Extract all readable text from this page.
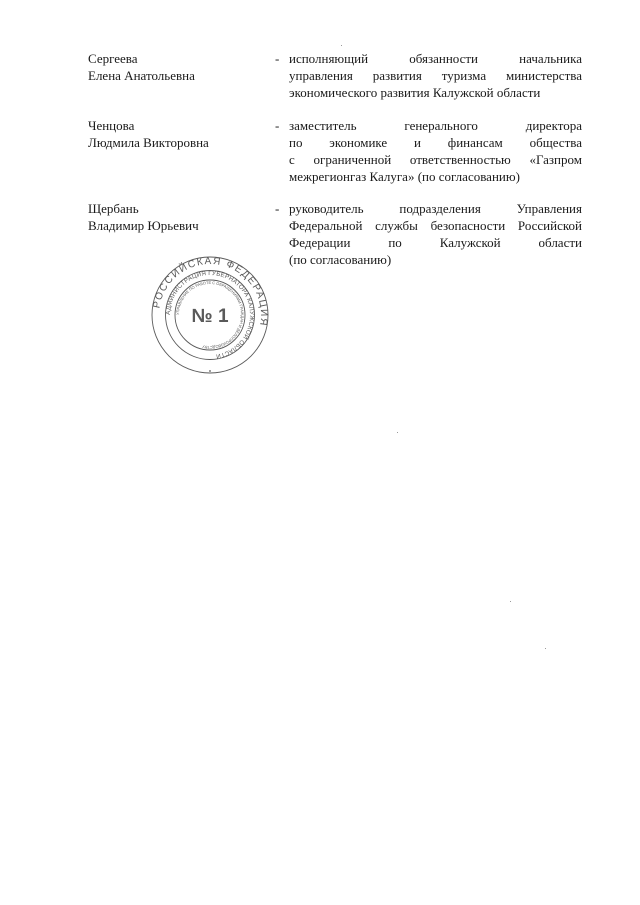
Сергеева
Елена Анатольевна
- исполняющий	обязанности	начальника
управления развития туризма министерства
экономического развития Калужской области
Ченцова
Людмила Викторовна
- заместитель	генерального	директора
по экономике и финансам общества
с ограниченной ответственностью «Газпром
межрегионгаз Калуга» (по согласованию)
Щербань
Владимир Юрьевич
- руководитель	подразделения	Управления
Федеральной службы безопасности Российской
Федерации	по	Калужской	области
(по согласованию)
РОССИЙСКАЯ ФЕДЕРАЦИЯ
АДМИНИСТРАЦИЯ ГУБЕРНАТОРА КАЛУЖСКОЙ ОБЛАСТИ
УПРАВЛЕНИЕ ПО РАБОТЕ С ОБРАЩЕНИЯМИ ГРАЖДАН И ДЕЛОПРОИЗВОДСТВУ
№ 1
